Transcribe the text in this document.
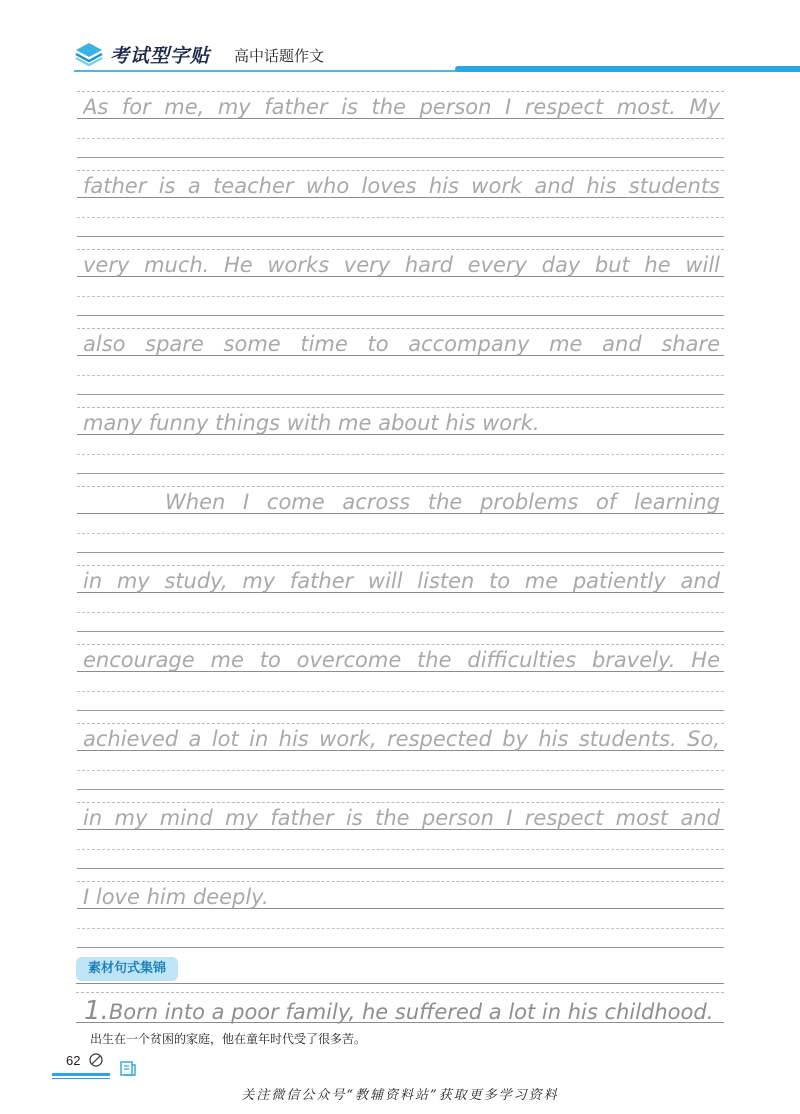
考试型字贴 高中话题作文
As for me, my father is the person I respect most. My
father is a teacher who loves his work and his students
very much. He works very hard every day but he will
also spare some time to accompany me and share
many funny things with me about his work.
When I come across the problems of learning
in my study, my father will listen to me patiently and
encourage me to overcome the difficulties bravely. He
achieved a lot in his work, respected by his students. So,
in my mind my father is the person I respect most and
I love him deeply.
素材句式集锦
1.Born into a poor family, he suffered a lot in his childhood.
出生在一个贫困的家庭，他在童年时代受了很多苦。
62
关注微信公众号“教辅资料站”获取更多学习资料
